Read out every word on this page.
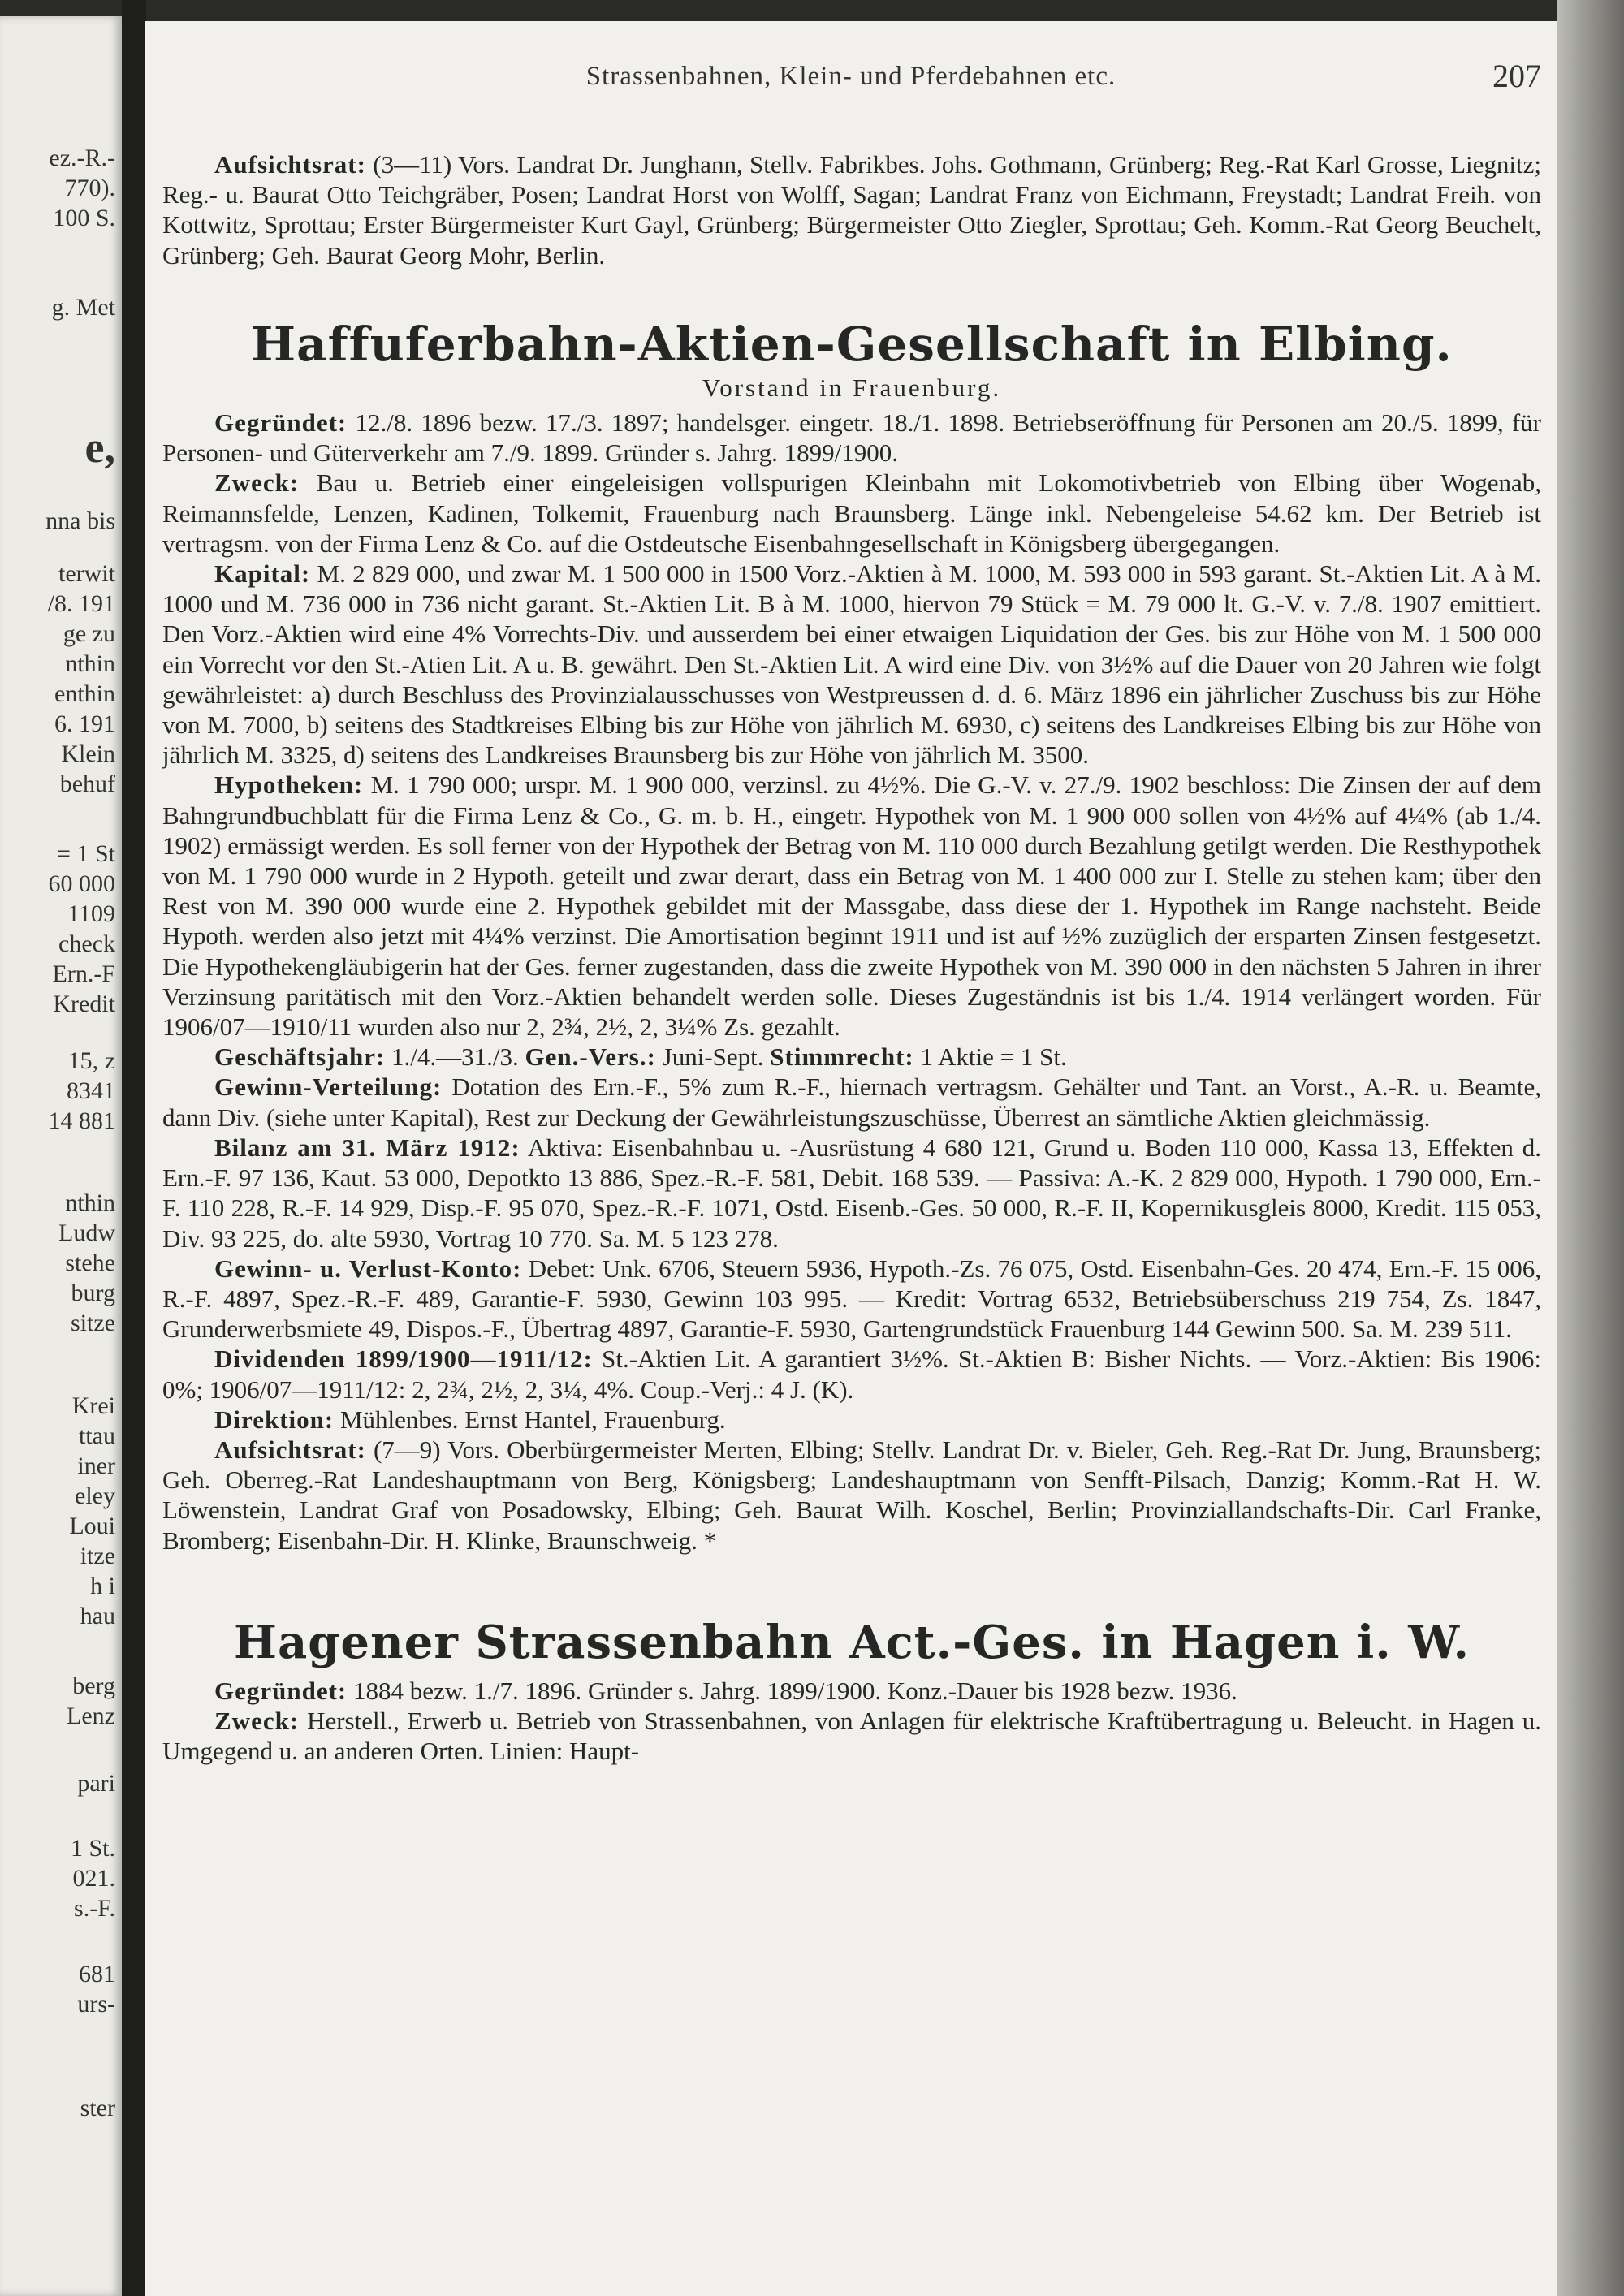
ez.-R.-
770).
100 S.
g. Met
e,
nna bis
terwit
/8. 191
ge zu
nthin
enthin
6. 191
Klein
behuf
= 1 St
60 000
1109
check
Ern.-F
Kredit
15, z
8341
14 881
nthin
Ludw
stehe
burg
sitze
Krei
ttau
iner
eley
Loui
itze
h i
hau
berg
Lenz
pari
1 St.
021.
s.-F.
681
urs-
ster
Strassenbahnen, Klein- und Pferdebahnen etc.	207

Aufsichtsrat: (3—11) Vors. Landrat Dr. Junghann, Stellv. Fabrikbes. Johs. Gothmann, Grünberg; Reg.-Rat Karl Grosse, Liegnitz; Reg.- u. Baurat Otto Teichgräber, Posen; Landrat Horst von Wolff, Sagan; Landrat Franz von Eichmann, Freystadt; Landrat Freih. von Kottwitz, Sprottau; Erster Bürgermeister Kurt Gayl, Grünberg; Bürgermeister Otto Ziegler, Sprottau; Geh. Komm.-Rat Georg Beuchelt, Grünberg; Geh. Baurat Georg Mohr, Berlin.

Haffuferbahn-Aktien-Gesellschaft in Elbing.
Vorstand in Frauenburg.

Gegründet: 12./8. 1896 bezw. 17./3. 1897; handelsger. eingetr. 18./1. 1898. Betriebseröffnung für Personen am 20./5. 1899, für Personen- und Güterverkehr am 7./9. 1899. Gründer s. Jahrg. 1899/1900.

Zweck: Bau u. Betrieb einer eingeleisigen vollspurigen Kleinbahn mit Lokomotivbetrieb von Elbing über Wogenab, Reimannsfelde, Lenzen, Kadinen, Tolkemit, Frauenburg nach Braunsberg. Länge inkl. Nebengeleise 54.62 km. Der Betrieb ist vertragsm. von der Firma Lenz & Co. auf die Ostdeutsche Eisenbahngesellschaft in Königsberg übergegangen.

Kapital: M. 2 829 000, und zwar M. 1 500 000 in 1500 Vorz.-Aktien à M. 1000, M. 593 000 in 593 garant. St.-Aktien Lit. A à M. 1000 und M. 736 000 in 736 nicht garant. St.-Aktien Lit. B à M. 1000, hiervon 79 Stück = M. 79 000 lt. G.-V. v. 7./8. 1907 emittiert. Den Vorz.-Aktien wird eine 4% Vorrechts-Div. und ausserdem bei einer etwaigen Liquidation der Ges. bis zur Höhe von M. 1 500 000 ein Vorrecht vor den St.-Atien Lit. A u. B. gewährt. Den St.-Aktien Lit. A wird eine Div. von 3½% auf die Dauer von 20 Jahren wie folgt gewährleistet: a) durch Beschluss des Provinzialausschusses von Westpreussen d. d. 6. März 1896 ein jährlicher Zuschuss bis zur Höhe von M. 7000, b) seitens des Stadtkreises Elbing bis zur Höhe von jährlich M. 6930, c) seitens des Landkreises Elbing bis zur Höhe von jährlich M. 3325, d) seitens des Landkreises Braunsberg bis zur Höhe von jährlich M. 3500.

Hypotheken: M. 1 790 000; urspr. M. 1 900 000, verzinsl. zu 4½%. Die G.-V. v. 27./9. 1902 beschloss: Die Zinsen der auf dem Bahngrundbuchblatt für die Firma Lenz & Co., G. m. b. H., eingetr. Hypothek von M. 1 900 000 sollen von 4½% auf 4¼% (ab 1./4. 1902) ermässigt werden. Es soll ferner von der Hypothek der Betrag von M. 110 000 durch Bezahlung getilgt werden. Die Resthypothek von M. 1 790 000 wurde in 2 Hypoth. geteilt und zwar derart, dass ein Betrag von M. 1 400 000 zur I. Stelle zu stehen kam; über den Rest von M. 390 000 wurde eine 2. Hypothek gebildet mit der Massgabe, dass diese der 1. Hypothek im Range nachsteht. Beide Hypoth. werden also jetzt mit 4¼% verzinst. Die Amortisation beginnt 1911 und ist auf ½% zuzüglich der ersparten Zinsen festgesetzt. Die Hypothekengläubigerin hat der Ges. ferner zugestanden, dass die zweite Hypothek von M. 390 000 in den nächsten 5 Jahren in ihrer Verzinsung paritätisch mit den Vorz.-Aktien behandelt werden solle. Dieses Zugeständnis ist bis 1./4. 1914 verlängert worden. Für 1906/07—1910/11 wurden also nur 2, 2¾, 2½, 2, 3¼% Zs. gezahlt.

Geschäftsjahr: 1./4.—31./3. Gen.-Vers.: Juni-Sept. Stimmrecht: 1 Aktie = 1 St.

Gewinn-Verteilung: Dotation des Ern.-F., 5% zum R.-F., hiernach vertragsm. Gehälter und Tant. an Vorst., A.-R. u. Beamte, dann Div. (siehe unter Kapital), Rest zur Deckung der Gewährleistungszuschüsse, Überrest an sämtliche Aktien gleichmässig.

Bilanz am 31. März 1912: Aktiva: Eisenbahnbau u. -Ausrüstung 4 680 121, Grund u. Boden 110 000, Kassa 13, Effekten d. Ern.-F. 97 136, Kaut. 53 000, Depotkto 13 886, Spez.-R.-F. 581, Debit. 168 539. — Passiva: A.-K. 2 829 000, Hypoth. 1 790 000, Ern.-F. 110 228, R.-F. 14 929, Disp.-F. 95 070, Spez.-R.-F. 1071, Ostd. Eisenb.-Ges. 50 000, R.-F. II, Kopernikusgleis 8000, Kredit. 115 053, Div. 93 225, do. alte 5930, Vortrag 10 770. Sa. M. 5 123 278.

Gewinn- u. Verlust-Konto: Debet: Unk. 6706, Steuern 5936, Hypoth.-Zs. 76 075, Ostd. Eisenbahn-Ges. 20 474, Ern.-F. 15 006, R.-F. 4897, Spez.-R.-F. 489, Garantie-F. 5930, Gewinn 103 995. — Kredit: Vortrag 6532, Betriebsüberschuss 219 754, Zs. 1847, Grunderwerbsmiete 49, Dispos.-F., Übertrag 4897, Garantie-F. 5930, Gartengrundstück Frauenburg 144 Gewinn 500. Sa. M. 239 511.

Dividenden 1899/1900—1911/12: St.-Aktien Lit. A garantiert 3½%. St.-Aktien B: Bisher Nichts. — Vorz.-Aktien: Bis 1906: 0%; 1906/07—1911/12: 2, 2¾, 2½, 2, 3¼, 4%. Coup.-Verj.: 4 J. (K).

Direktion: Mühlenbes. Ernst Hantel, Frauenburg.

Aufsichtsrat: (7—9) Vors. Oberbürgermeister Merten, Elbing; Stellv. Landrat Dr. v. Bieler, Geh. Reg.-Rat Dr. Jung, Braunsberg; Geh. Oberreg.-Rat Landeshauptmann von Berg, Königsberg; Landeshauptmann von Senfft-Pilsach, Danzig; Komm.-Rat H. W. Löwenstein, Landrat Graf von Posadowsky, Elbing; Geh. Baurat Wilh. Koschel, Berlin; Provinziallandschafts-Dir. Carl Franke, Bromberg; Eisenbahn-Dir. H. Klinke, Braunschweig. *

Hagener Strassenbahn Act.-Ges. in Hagen i. W.

Gegründet: 1884 bezw. 1./7. 1896. Gründer s. Jahrg. 1899/1900. Konz.-Dauer bis 1928 bezw. 1936.

Zweck: Herstell., Erwerb u. Betrieb von Strassenbahnen, von Anlagen für elektrische Kraftübertragung u. Beleucht. in Hagen u. Umgegend u. an anderen Orten. Linien: Haupt-
